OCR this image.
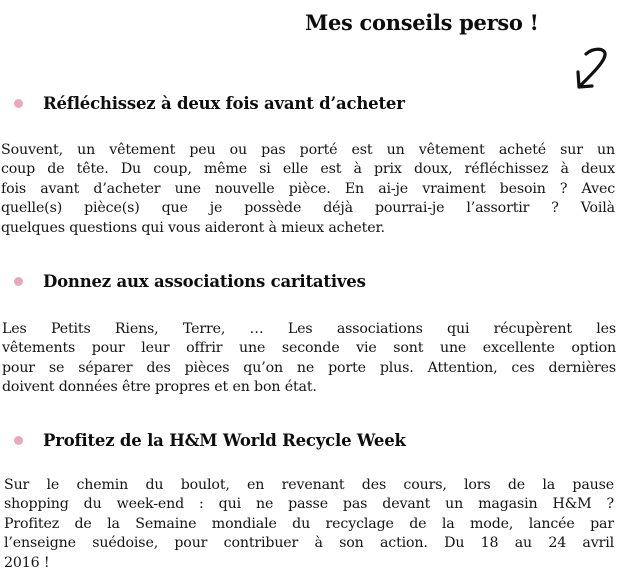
Mes conseils perso !
Réfléchissez à deux fois avant d’acheter
Souvent, un vêtement peu ou pas porté est un vêtement acheté sur un
coup de tête. Du coup, même si elle est à prix doux, réfléchissez à deux
fois avant d’acheter une nouvelle pièce. En ai-je vraiment besoin ? Avec
quelle(s) pièce(s) que je possède déjà pourrai-je l’assortir ? Voilà
quelques questions qui vous aideront à mieux acheter.
Donnez aux associations caritatives
Les Petits Riens, Terre, … Les associations qui récupèrent les
vêtements pour leur offrir une seconde vie sont une excellente option
pour se séparer des pièces qu’on ne porte plus. Attention, ces dernières
doivent données être propres et en bon état.
Profitez de la H&M World Recycle Week
Sur le chemin du boulot, en revenant des cours, lors de la pause
shopping du week-end : qui ne passe pas devant un magasin H&M ?
Profitez de la Semaine mondiale du recyclage de la mode, lancée par
l’enseigne suédoise, pour contribuer à son action. Du 18 au 24 avril
2016 !
